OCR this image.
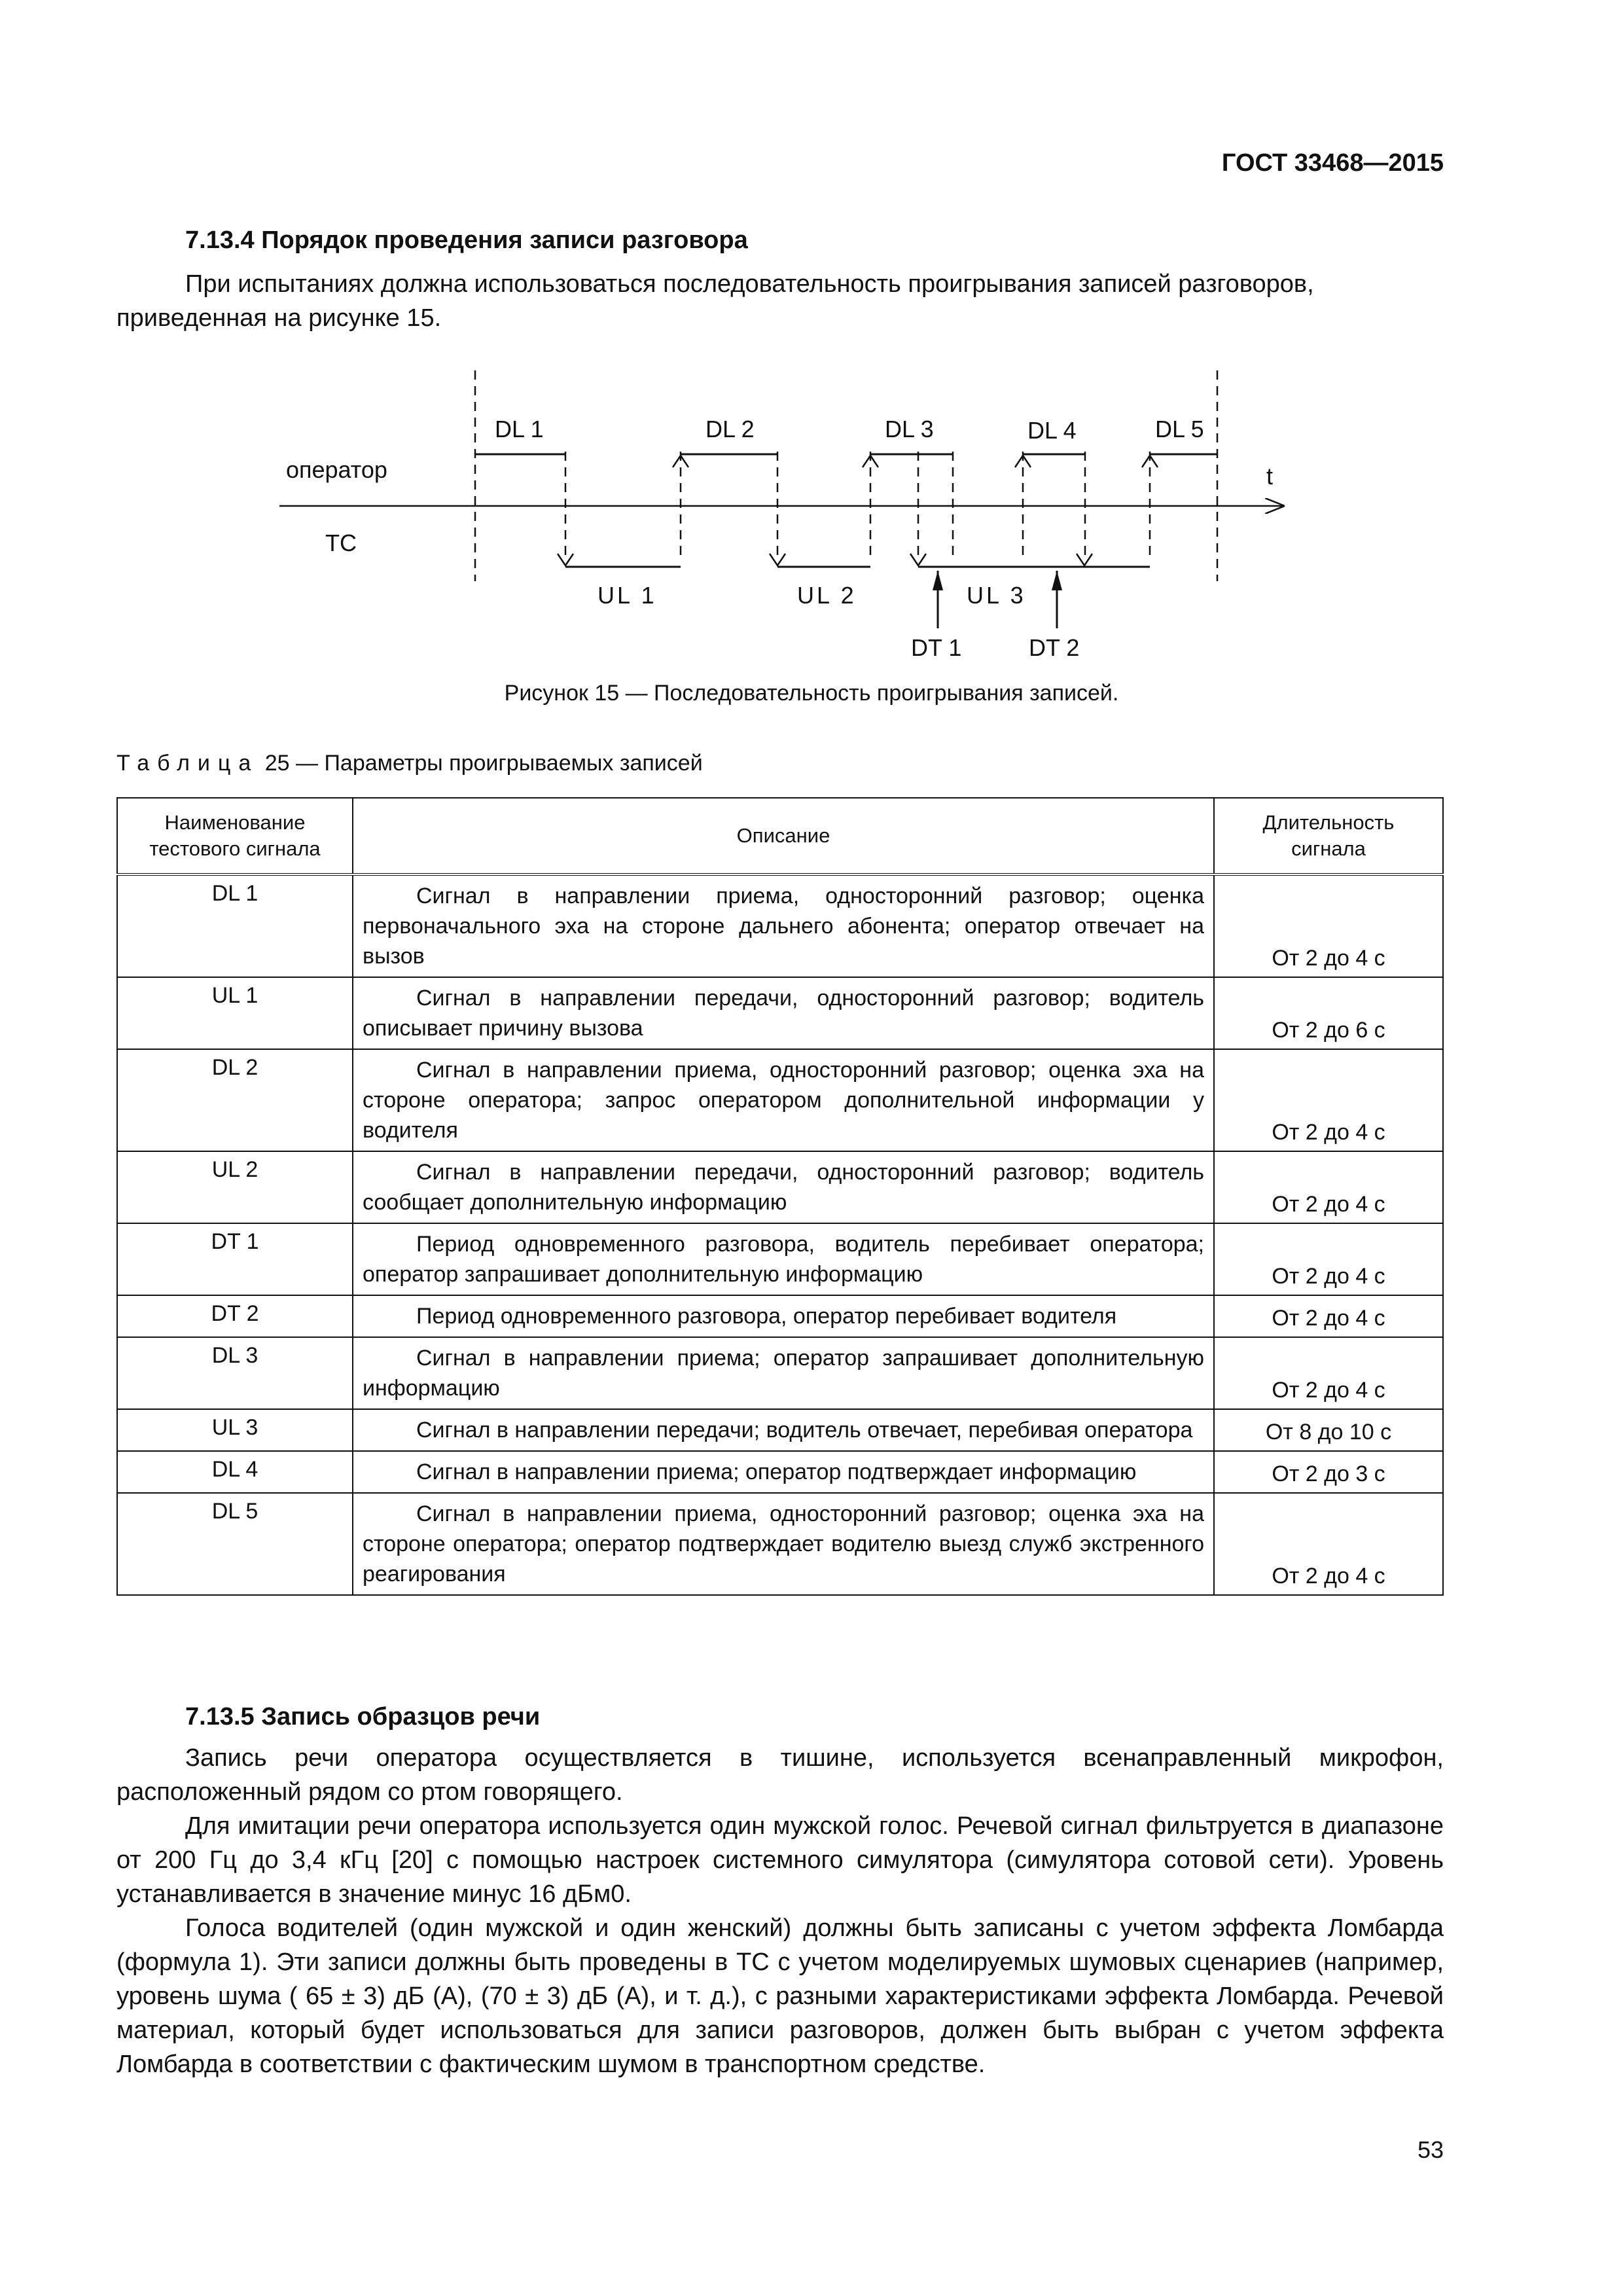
ГОСТ 33468—2015
7.13.4 Порядок проведения записи разговора
При испытаниях должна использоваться последовательность проигрывания записей разговоров,
приведенная на рисунке 15.
оператор
ТС
t
DL 1	DL 2	DL 3	DL 4	DL 5
UL 1	UL 2	UL 3
DT 1	DT 2
Рисунок 15 — Последовательность проигрывания записей.
Таблица 25 — Параметры проигрываемых записей
Наименование тестового сигнала	Описание	Длительность сигнала
DL 1	Сигнал в направлении приема, односторонний разговор; оценка первоначального эха на стороне дальнего абонента; оператор отвечает на вызов	От 2 до 4 с
UL 1	Сигнал в направлении передачи, односторонний разговор; водитель описывает причину вызова	От 2 до 6 с
DL 2	Сигнал в направлении приема, односторонний разговор; оценка эха на стороне оператора; запрос оператором дополнительной информации у водителя	От 2 до 4 с
UL 2	Сигнал в направлении передачи, односторонний разговор; водитель сообщает дополнительную информацию	От 2 до 4 с
DT 1	Период одновременного разговора, водитель перебивает оператора; оператор запрашивает дополнительную информацию	От 2 до 4 с
DT 2	Период одновременного разговора, оператор перебивает водителя	От 2 до 4 с
DL 3	Сигнал в направлении приема; оператор запрашивает дополнительную информацию	От 2 до 4 с
UL 3	Сигнал в направлении передачи; водитель отвечает, перебивая оператора	От 8 до 10 с
DL 4	Сигнал в направлении приема; оператор подтверждает информацию	От 2 до 3 с
DL 5	Сигнал в направлении приема, односторонний разговор; оценка эха на стороне оператора; оператор подтверждает водителю выезд служб экстренного реагирования	От 2 до 4 с
7.13.5 Запись образцов речи
Запись речи оператора осуществляется в тишине, используется всенаправленный микрофон, расположенный рядом со ртом говорящего.
Для имитации речи оператора используется один мужской голос. Речевой сигнал фильтруется в диапазоне от 200 Гц до 3,4 кГц [20] с помощью настроек системного симулятора (симулятора сотовой сети). Уровень устанавливается в значение минус 16 дБм0.
Голоса водителей (один мужской и один женский) должны быть записаны с учетом эффекта Ломбарда (формула 1). Эти записи должны быть проведены в ТС с учетом моделируемых шумовых сценариев (например, уровень шума ( 65 ± 3) дБ (А), (70 ± 3) дБ (А), и т. д.), с разными характеристиками эффекта Ломбарда. Речевой материал, который будет использоваться для записи разговоров, должен быть выбран с учетом эффекта Ломбарда в соответствии с фактическим шумом в транспортном средстве.
53
